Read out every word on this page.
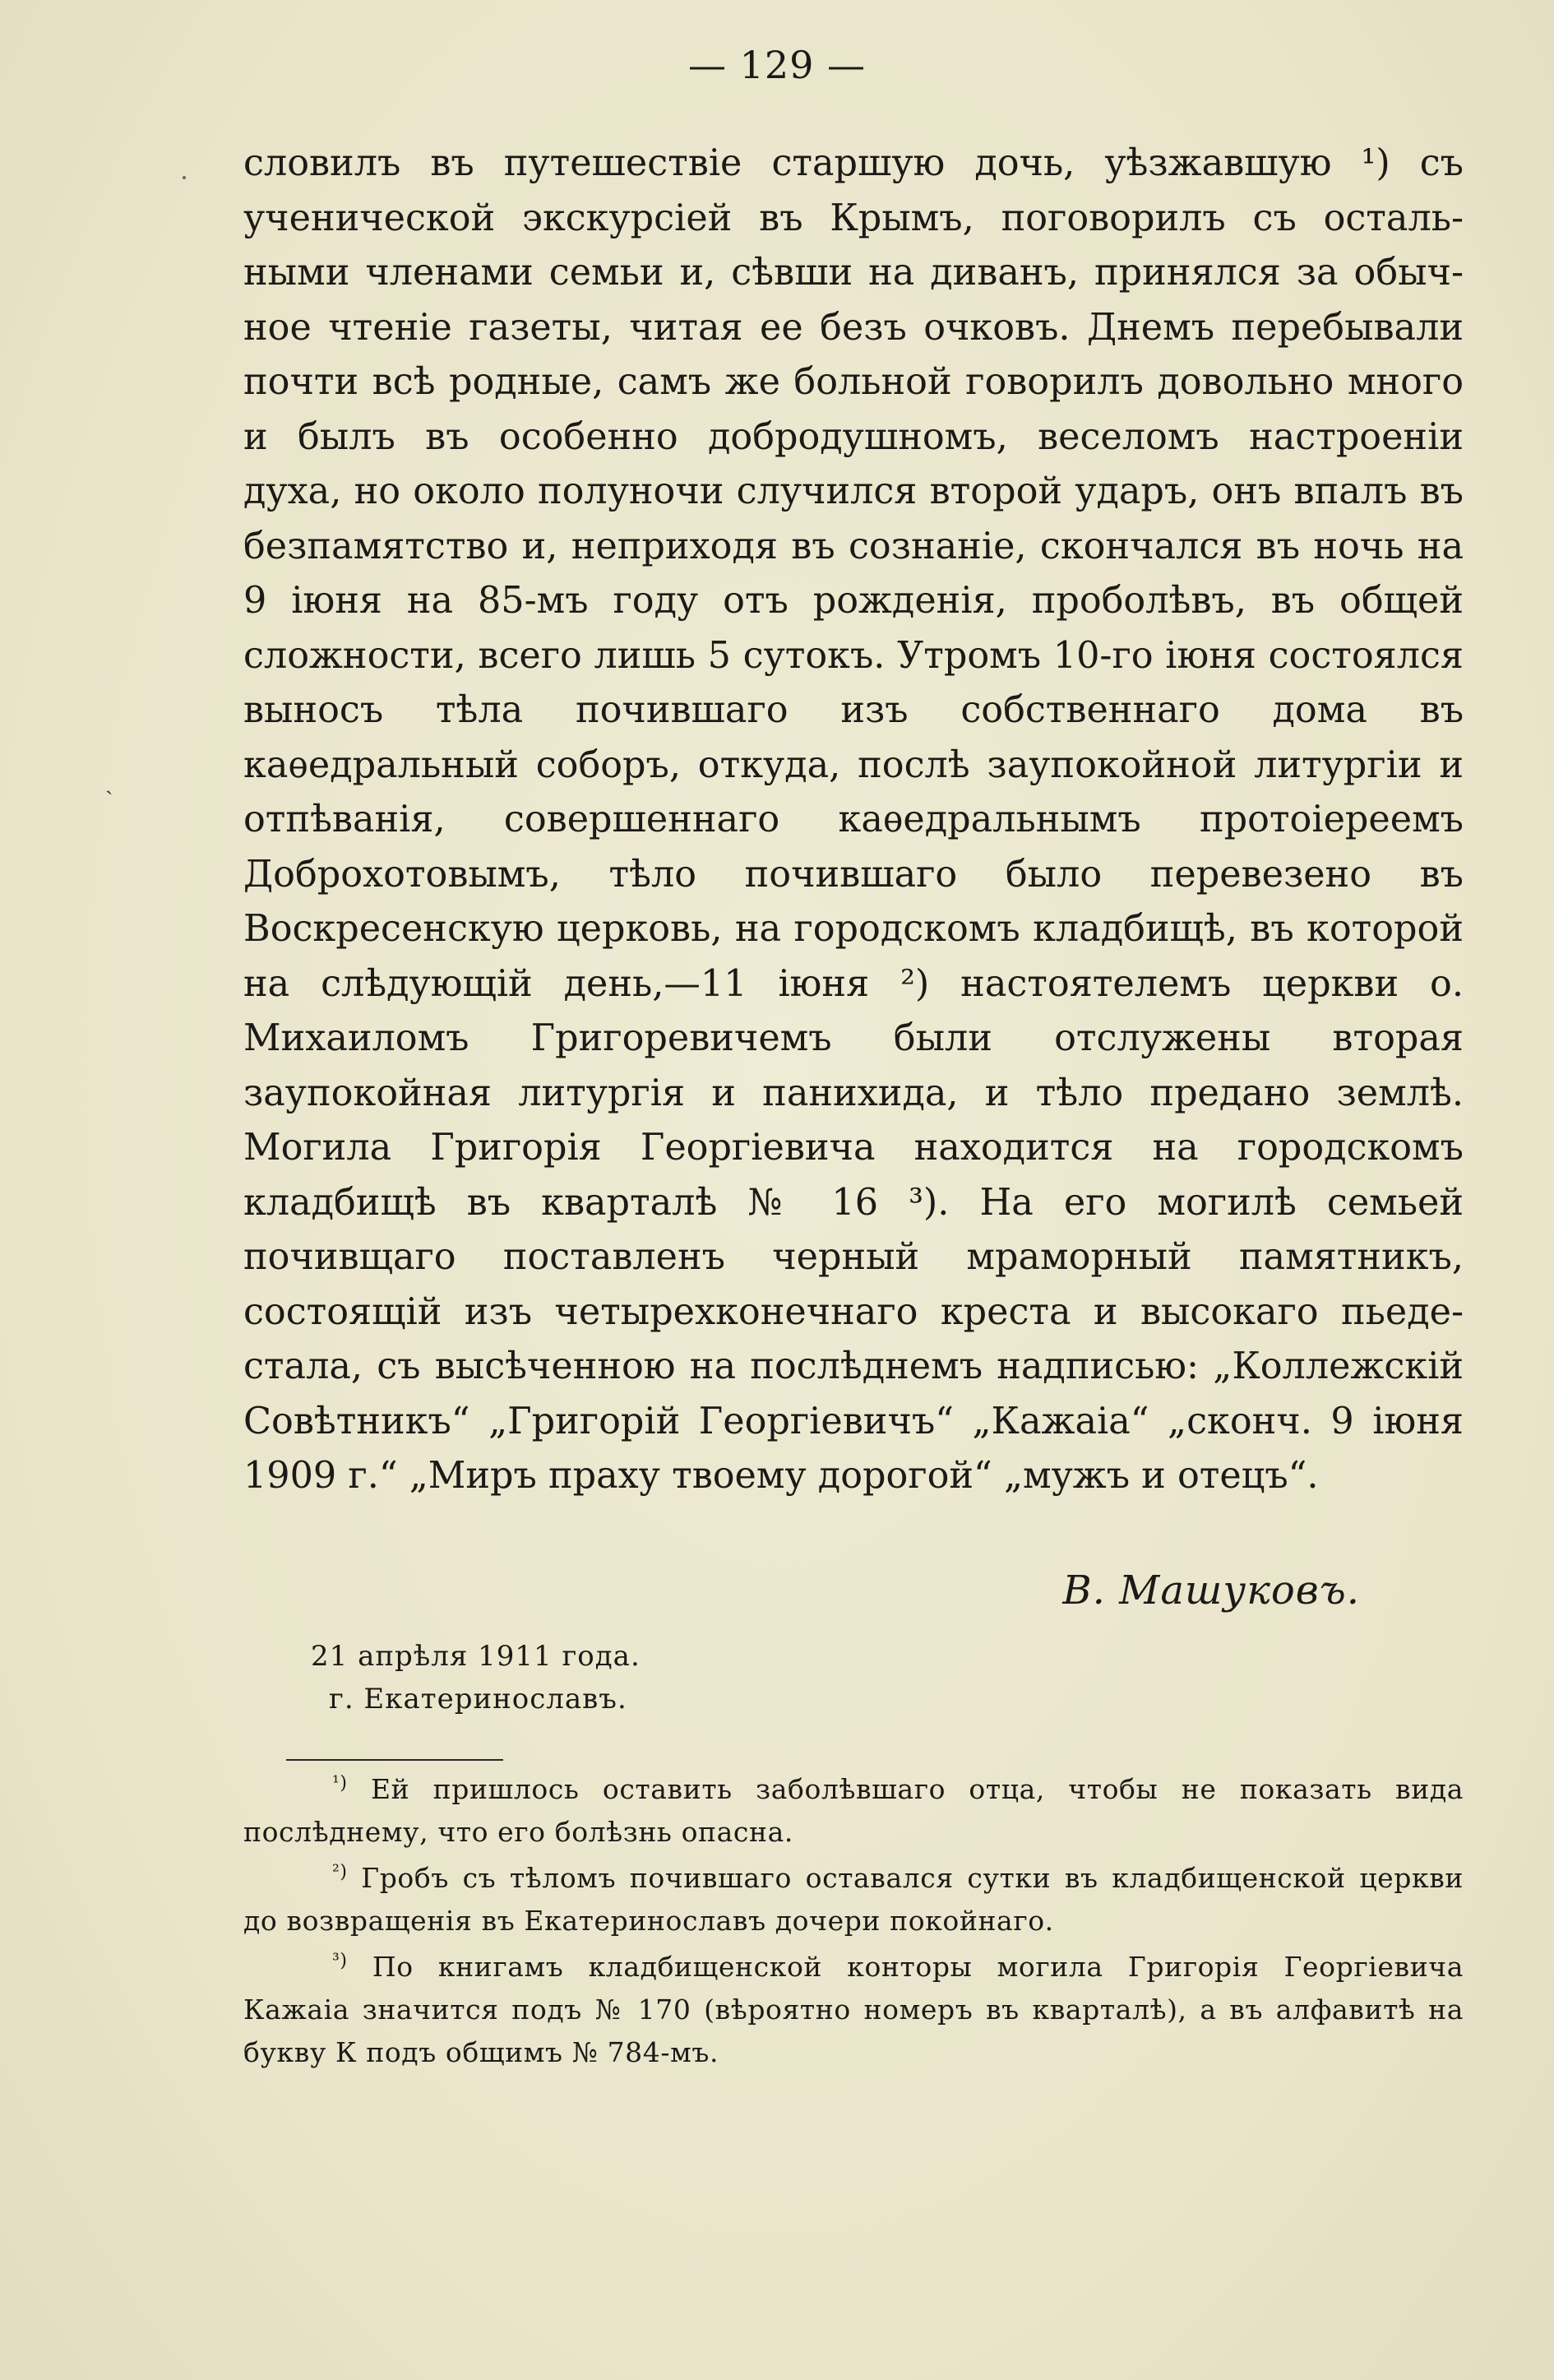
ˏ
— 129 —

словилъ въ путешествіе старшую дочь, уѣзжавшую ¹) съ ученической экскурсіей въ Крымъ, поговорилъ съ остальными членами семьи и, сѣвши на диванъ, принялся за обычное чтеніе газеты, читая ее безъ очковъ. Днемъ перебывали почти всѣ родные, самъ же больной говорилъ довольно много и былъ въ особенно добродушномъ, веселомъ настроеніи духа, но около полуночи случился второй ударъ, онъ впалъ въ безпамятство и, неприходя въ сознаніе, скончался въ ночь на 9 іюня на 85-мъ году отъ рожденія, проболѣвъ, въ общей сложности, всего лишь 5 сутокъ. Утромъ 10-го іюня состоялся выносъ тѣла почившаго изъ собственнаго дома въ каѳедральный соборъ, откуда, послѣ заупокойной литургіи и отпѣванія, совершеннаго каѳедральнымъ протоіереемъ Доброхотовымъ, тѣло почившаго было перевезено въ Воскресенскую церковь, на городскомъ кладбищѣ, въ которой на слѣдующій день,—11 іюня ²) настоятелемъ церкви о. Михаиломъ Григоревичемъ были отслужены вторая заупокойная литургія и панихида, и тѣло предано землѣ. Могила Григорія Георгіевича находится на городскомъ кладбищѣ въ кварталѣ № 16 ³). На его могилѣ семьей почивщаго поставленъ черный мраморный памятникъ, состоящій изъ четырехконечнаго креста и высокаго пьедестала, съ высѣченною на послѣднемъ надписью: „Коллежскій Совѣтникъ“ „Григорій Георгіевичъ“ „Кажаіа“ „сконч. 9 іюня 1909 г.“ „Миръ праху твоему дорогой“ „мужъ и отецъ“.

В. Машуковъ.
21 апрѣля 1911 года.
г. Екатеринославъ.

$^{^1)}$ Ей пришлось оставить заболѣвшаго отца, чтобы не показать вида послѣднему, что его болѣзнь опасна.

$^{^2)}$ Гробъ съ тѣломъ почившаго оставался сутки въ кладбищенской церкви до возвращенія въ Екатеринославъ дочери покойнаго.

$^{^3)}$ По книгамъ кладбищенской конторы могила Григорія Георгіевича Кажаіа значится подъ № 170 (вѣроятно номеръ въ кварталѣ), а въ алфавитѣ на букву К подъ общимъ № 784-мъ.
